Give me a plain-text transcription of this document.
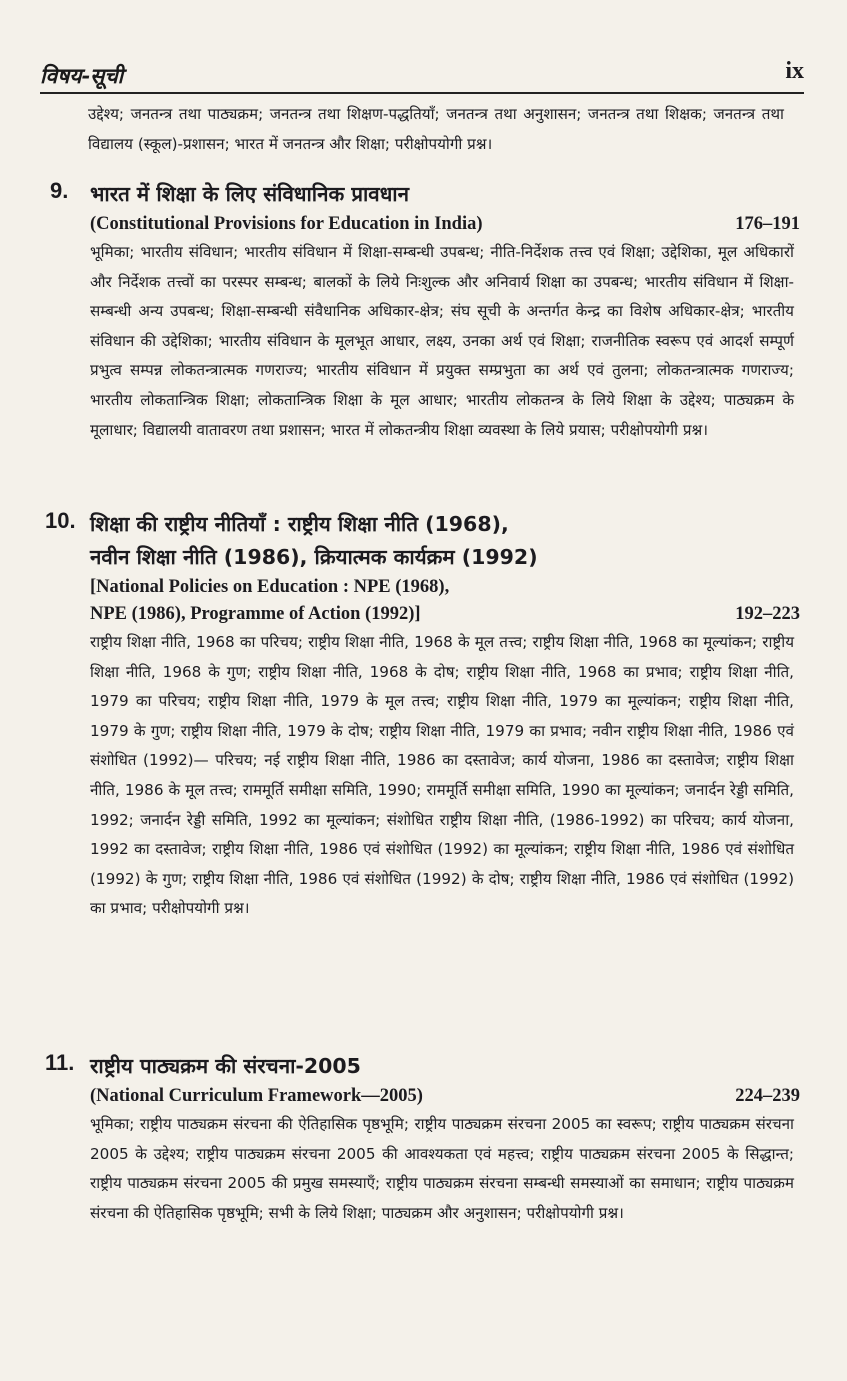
विषय-सूची	ix
उद्देश्य; जनतन्त्र तथा पाठ्यक्रम; जनतन्त्र तथा शिक्षण-पद्धतियाँ; जनतन्त्र तथा अनुशासन; जनतन्त्र तथा शिक्षक; जनतन्त्र तथा विद्यालय (स्कूल)-प्रशासन; भारत में जनतन्त्र और शिक्षा; परीक्षोपयोगी प्रश्न।
9. भारत में शिक्षा के लिए संविधानिक प्रावधान
(Constitutional Provisions for Education in India)	176–191
भूमिका; भारतीय संविधान; भारतीय संविधान में शिक्षा-सम्बन्धी उपबन्ध; नीति-निर्देशक तत्त्व एवं शिक्षा; उद्देशिका, मूल अधिकारों और निर्देशक तत्त्वों का परस्पर सम्बन्ध; बालकों के लिये निःशुल्क और अनिवार्य शिक्षा का उपबन्ध; भारतीय संविधान में शिक्षा-सम्बन्धी अन्य उपबन्ध; शिक्षा-सम्बन्धी संवैधानिक अधिकार-क्षेत्र; संघ सूची के अन्तर्गत केन्द्र का विशेष अधिकार-क्षेत्र; भारतीय संविधान की उद्देशिका; भारतीय संविधान के मूलभूत आधार, लक्ष्य, उनका अर्थ एवं शिक्षा; राजनीतिक स्वरूप एवं आदर्श सम्पूर्ण प्रभुत्व सम्पन्न लोकतन्त्रात्मक गणराज्य; भारतीय संविधान में प्रयुक्त सम्प्रभुता का अर्थ एवं तुलना; लोकतन्त्रात्मक गणराज्य; भारतीय लोकतान्त्रिक शिक्षा; लोकतान्त्रिक शिक्षा के मूल आधार; भारतीय लोकतन्त्र के लिये शिक्षा के उद्देश्य; पाठ्यक्रम के मूलाधार; विद्यालयी वातावरण तथा प्रशासन; भारत में लोकतन्त्रीय शिक्षा व्यवस्था के लिये प्रयास; परीक्षोपयोगी प्रश्न।
10. शिक्षा की राष्ट्रीय नीतियाँ : राष्ट्रीय शिक्षा नीति (1968),
नवीन शिक्षा नीति (1986), क्रियात्मक कार्यक्रम (1992)
[National Policies on Education : NPE (1968),
NPE (1986), Programme of Action (1992)]	192–223
राष्ट्रीय शिक्षा नीति, 1968 का परिचय; राष्ट्रीय शिक्षा नीति, 1968 के मूल तत्त्व; राष्ट्रीय शिक्षा नीति, 1968 का मूल्यांकन; राष्ट्रीय शिक्षा नीति, 1968 के गुण; राष्ट्रीय शिक्षा नीति, 1968 के दोष; राष्ट्रीय शिक्षा नीति, 1968 का प्रभाव; राष्ट्रीय शिक्षा नीति, 1979 का परिचय; राष्ट्रीय शिक्षा नीति, 1979 के मूल तत्त्व; राष्ट्रीय शिक्षा नीति, 1979 का मूल्यांकन; राष्ट्रीय शिक्षा नीति, 1979 के गुण; राष्ट्रीय शिक्षा नीति, 1979 के दोष; राष्ट्रीय शिक्षा नीति, 1979 का प्रभाव; नवीन राष्ट्रीय शिक्षा नीति, 1986 एवं संशोधित (1992)— परिचय; नई राष्ट्रीय शिक्षा नीति, 1986 का दस्तावेज; कार्य योजना, 1986 का दस्तावेज; राष्ट्रीय शिक्षा नीति, 1986 के मूल तत्त्व; राममूर्ति समीक्षा समिति, 1990; राममूर्ति समीक्षा समिति, 1990 का मूल्यांकन; जनार्दन रेड्डी समिति, 1992; जनार्दन रेड्डी समिति, 1992 का मूल्यांकन; संशोधित राष्ट्रीय शिक्षा नीति, (1986-1992) का परिचय; कार्य योजना, 1992 का दस्तावेज; राष्ट्रीय शिक्षा नीति, 1986 एवं संशोधित (1992) का मूल्यांकन; राष्ट्रीय शिक्षा नीति, 1986 एवं संशोधित (1992) के गुण; राष्ट्रीय शिक्षा नीति, 1986 एवं संशोधित (1992) के दोष; राष्ट्रीय शिक्षा नीति, 1986 एवं संशोधित (1992) का प्रभाव; परीक्षोपयोगी प्रश्न।
11. राष्ट्रीय पाठ्यक्रम की संरचना-2005
(National Curriculum Framework—2005)	224–239
भूमिका; राष्ट्रीय पाठ्यक्रम संरचना की ऐतिहासिक पृष्ठभूमि; राष्ट्रीय पाठ्यक्रम संरचना 2005 का स्वरूप; राष्ट्रीय पाठ्यक्रम संरचना 2005 के उद्देश्य; राष्ट्रीय पाठ्यक्रम संरचना 2005 की आवश्यकता एवं महत्त्व; राष्ट्रीय पाठ्यक्रम संरचना 2005 के सिद्धान्त; राष्ट्रीय पाठ्यक्रम संरचना 2005 की प्रमुख समस्याएँ; राष्ट्रीय पाठ्यक्रम संरचना सम्बन्धी समस्याओं का समाधान; राष्ट्रीय पाठ्यक्रम संरचना की ऐतिहासिक पृष्ठभूमि; सभी के लिये शिक्षा; पाठ्यक्रम और अनुशासन; परीक्षोपयोगी प्रश्न।
